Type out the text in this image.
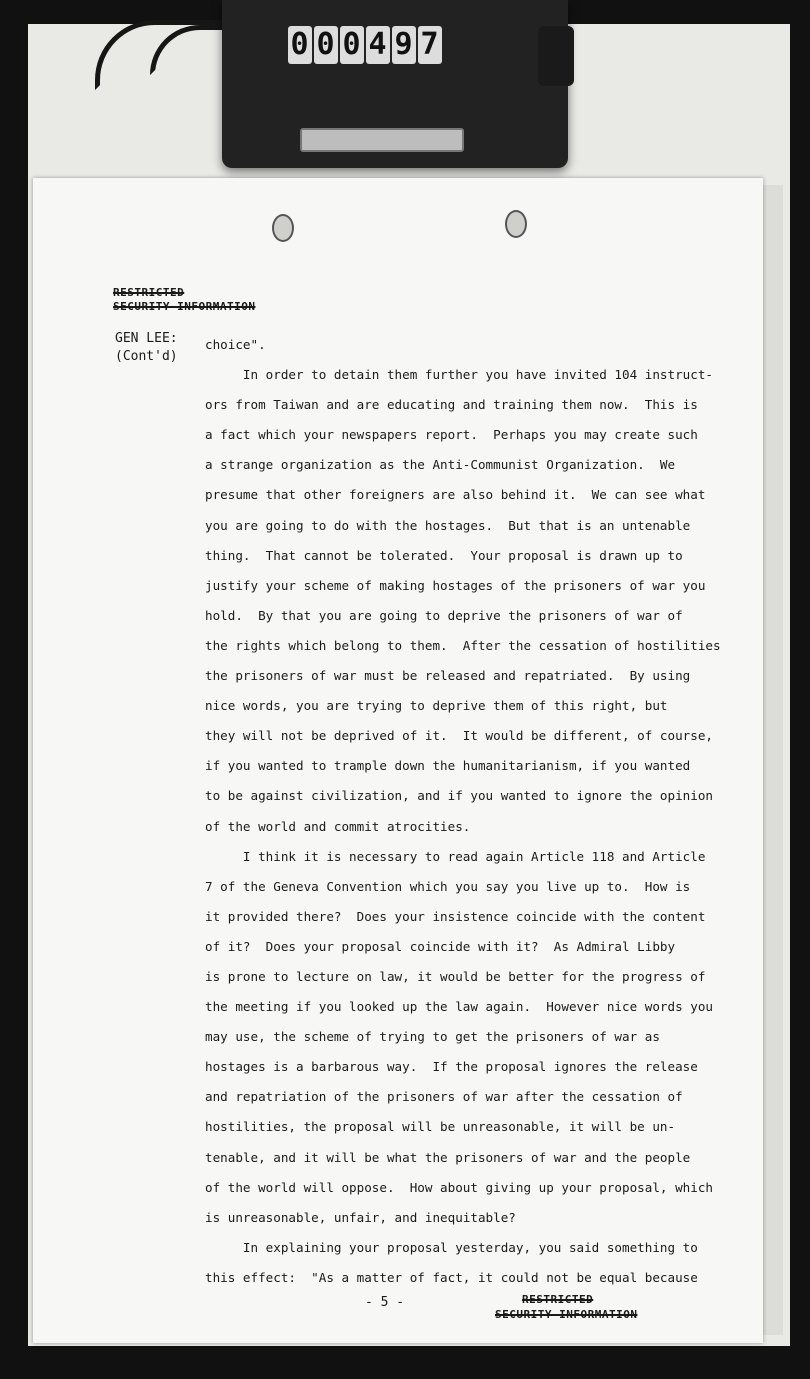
0 0 0 4 9 7
RESTRICTED
SECURITY INFORMATION
GEN LEE:
(Cont'd)
choice".
In order to detain them further you have invited 104 instruct-
ors from Taiwan and are educating and training them now.  This is
a fact which your newspapers report.  Perhaps you may create such
a strange organization as the Anti-Communist Organization.  We
presume that other foreigners are also behind it.  We can see what
you are going to do with the hostages.  But that is an untenable
thing.  That cannot be tolerated.  Your proposal is drawn up to
justify your scheme of making hostages of the prisoners of war you
hold.  By that you are going to deprive the prisoners of war of
the rights which belong to them.  After the cessation of hostilities
the prisoners of war must be released and repatriated.  By using
nice words, you are trying to deprive them of this right, but
they will not be deprived of it.  It would be different, of course,
if you wanted to trample down the humanitarianism, if you wanted
to be against civilization, and if you wanted to ignore the opinion
of the world and commit atrocities.
I think it is necessary to read again Article 118 and Article
7 of the Geneva Convention which you say you live up to.  How is
it provided there?  Does your insistence coincide with the content
of it?  Does your proposal coincide with it?  As Admiral Libby
is prone to lecture on law, it would be better for the progress of
the meeting if you looked up the law again.  However nice words you
may use, the scheme of trying to get the prisoners of war as
hostages is a barbarous way.  If the proposal ignores the release
and repatriation of the prisoners of war after the cessation of
hostilities, the proposal will be unreasonable, it will be un-
tenable, and it will be what the prisoners of war and the people
of the world will oppose.  How about giving up your proposal, which
is unreasonable, unfair, and inequitable?
In explaining your proposal yesterday, you said something to
this effect:  "As a matter of fact, it could not be equal because
- 5 -	RESTRICTED
SECURITY INFORMATION
